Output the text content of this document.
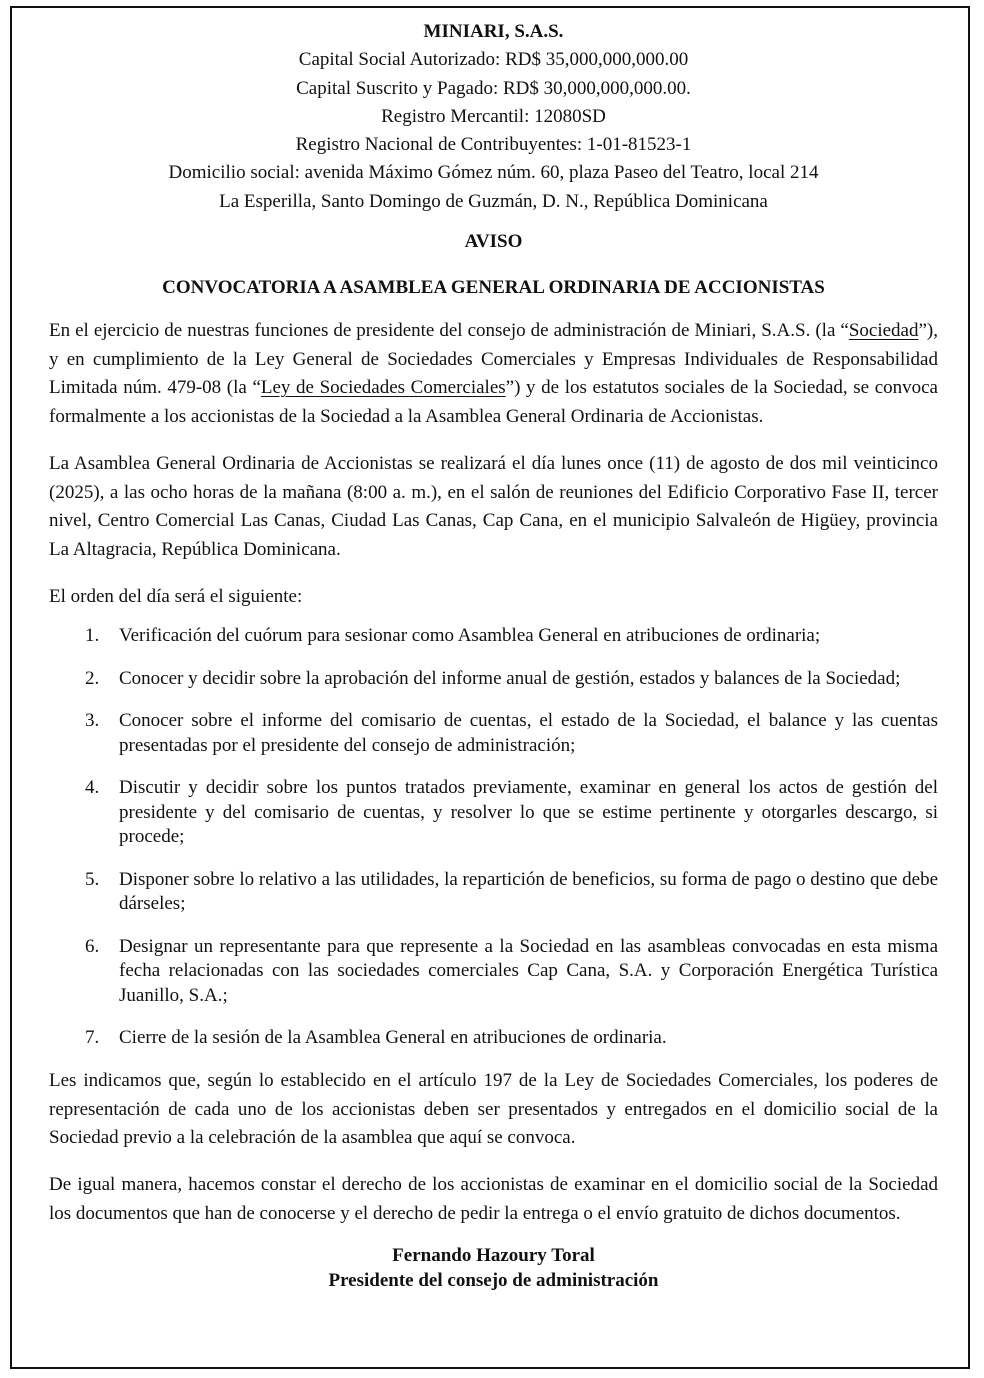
MINIARI, S.A.S.
Capital Social Autorizado: RD$ 35,000,000,000.00
Capital Suscrito y Pagado: RD$ 30,000,000,000.00.
Registro Mercantil: 12080SD
Registro Nacional de Contribuyentes: 1-01-81523-1
Domicilio social: avenida Máximo Gómez núm. 60, plaza Paseo del Teatro, local 214
La Esperilla, Santo Domingo de Guzmán, D. N., República Dominicana
AVISO
CONVOCATORIA A ASAMBLEA GENERAL ORDINARIA DE ACCIONISTAS

En el ejercicio de nuestras funciones de presidente del consejo de administración de Miniari, S.A.S. (la “Sociedad”), y en cumplimiento de la Ley General de Sociedades Comerciales y Empresas Individuales de Responsabilidad Limitada núm. 479-08 (la “Ley de Sociedades Comerciales”) y de los estatutos sociales de la Sociedad, se convoca formalmente a los accionistas de la Sociedad a la Asamblea General Ordinaria de Accionistas.

La Asamblea General Ordinaria de Accionistas se realizará el día lunes once (11) de agosto de dos mil veinticinco (2025), a las ocho horas de la mañana (8:00 a. m.), en el salón de reuniones del Edificio Corporativo Fase II, tercer nivel, Centro Comercial Las Canas, Ciudad Las Canas, Cap Cana, en el municipio Salvaleón de Higüey, provincia La Altagracia, República Dominicana.

El orden del día será el siguiente:

1. Verificación del cuórum para sesionar como Asamblea General en atribuciones de ordinaria;
2. Conocer y decidir sobre la aprobación del informe anual de gestión, estados y balances de la Sociedad;
3. Conocer sobre el informe del comisario de cuentas, el estado de la Sociedad, el balance y las cuentas presentadas por el presidente del consejo de administración;
4. Discutir y decidir sobre los puntos tratados previamente, examinar en general los actos de gestión del presidente y del comisario de cuentas, y resolver lo que se estime pertinente y otorgarles descargo, si procede;
5. Disponer sobre lo relativo a las utilidades, la repartición de beneficios, su forma de pago o destino que debe dárseles;
6. Designar un representante para que represente a la Sociedad en las asambleas convocadas en esta misma fecha relacionadas con las sociedades comerciales Cap Cana, S.A. y Corporación Energética Turística Juanillo, S.A.;
7. Cierre de la sesión de la Asamblea General en atribuciones de ordinaria.

Les indicamos que, según lo establecido en el artículo 197 de la Ley de Sociedades Comerciales, los poderes de representación de cada uno de los accionistas deben ser presentados y entregados en el domicilio social de la Sociedad previo a la celebración de la asamblea que aquí se convoca.

De igual manera, hacemos constar el derecho de los accionistas de examinar en el domicilio social de la Sociedad los documentos que han de conocerse y el derecho de pedir la entrega o el envío gratuito de dichos documentos.

Fernando Hazoury Toral
Presidente del consejo de administración
